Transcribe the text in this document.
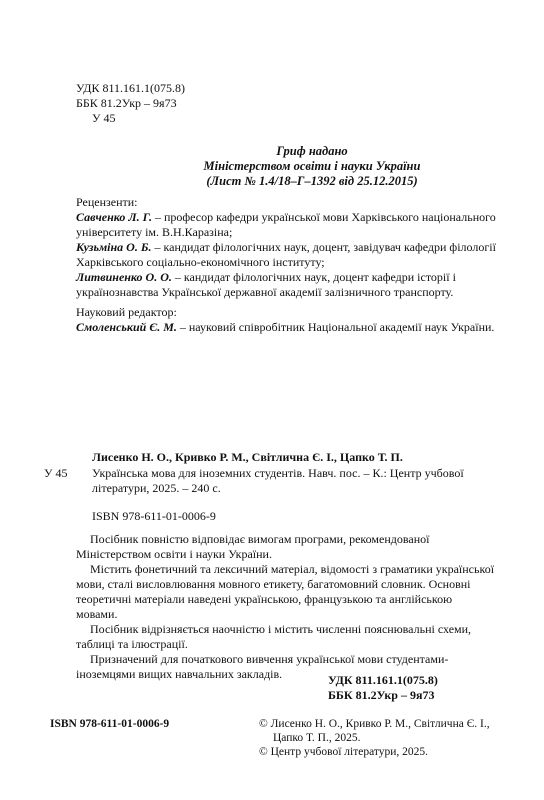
УДК 811.161.1(075.8)
ББК 81.2Укр – 9я73
У 45
Гриф надано
Міністерством освіти і науки України
(Лист № 1.4/18–Г–1392 від 25.12.2015)
Рецензенти:

Савченко Л. Г. – професор кафедри української мови Харківського національного університету ім. В.Н.Каразіна;

Кузьміна О. Б. – кандидат філологічних наук, доцент, завідувач кафедри філології Харківського соціально-економічного інституту;

Литвиненко О. О. – кандидат філологічних наук, доцент кафедри історії і українознавства Української державної академії залізничного транспорту.

Науковий редактор:

Смоленський Є. М. – науковий співробітник Національної академії наук України.

Лисенко Н. О., Кривко Р. М., Світлична Є. І., Цапко Т. П.
У 45 Українська мова для іноземних студентів. Навч. пос. – К.: Центр учбової літератури, 2025. – 240 с.
ISBN 978-611-01-0006-9

Посібник повністю відповідає вимогам програми, рекомендованої Міністерством освіти і науки України.

Містить фонетичний та лексичний матеріал, відомості з граматики української мови, сталі висловлювання мовного етикету, багатомовний словник. Основні теоретичні матеріали наведені українською, французькою та англійською мовами.

Посібник відрізняється наочністю і містить численні пояснювальні схеми, таблиці та ілюстрації.

Призначений для початкового вивчення української мови студентами-іноземцями вищих навчальних закладів.	УДК 811.161.1(075.8)
ББК 81.2Укр – 9я73
ISBN 978-611-01-0006-9	© Лисенко Н. О., Кривко Р. М., Світлична Є. І.,
Цапко Т. П., 2025.
© Центр учбової літератури, 2025.
